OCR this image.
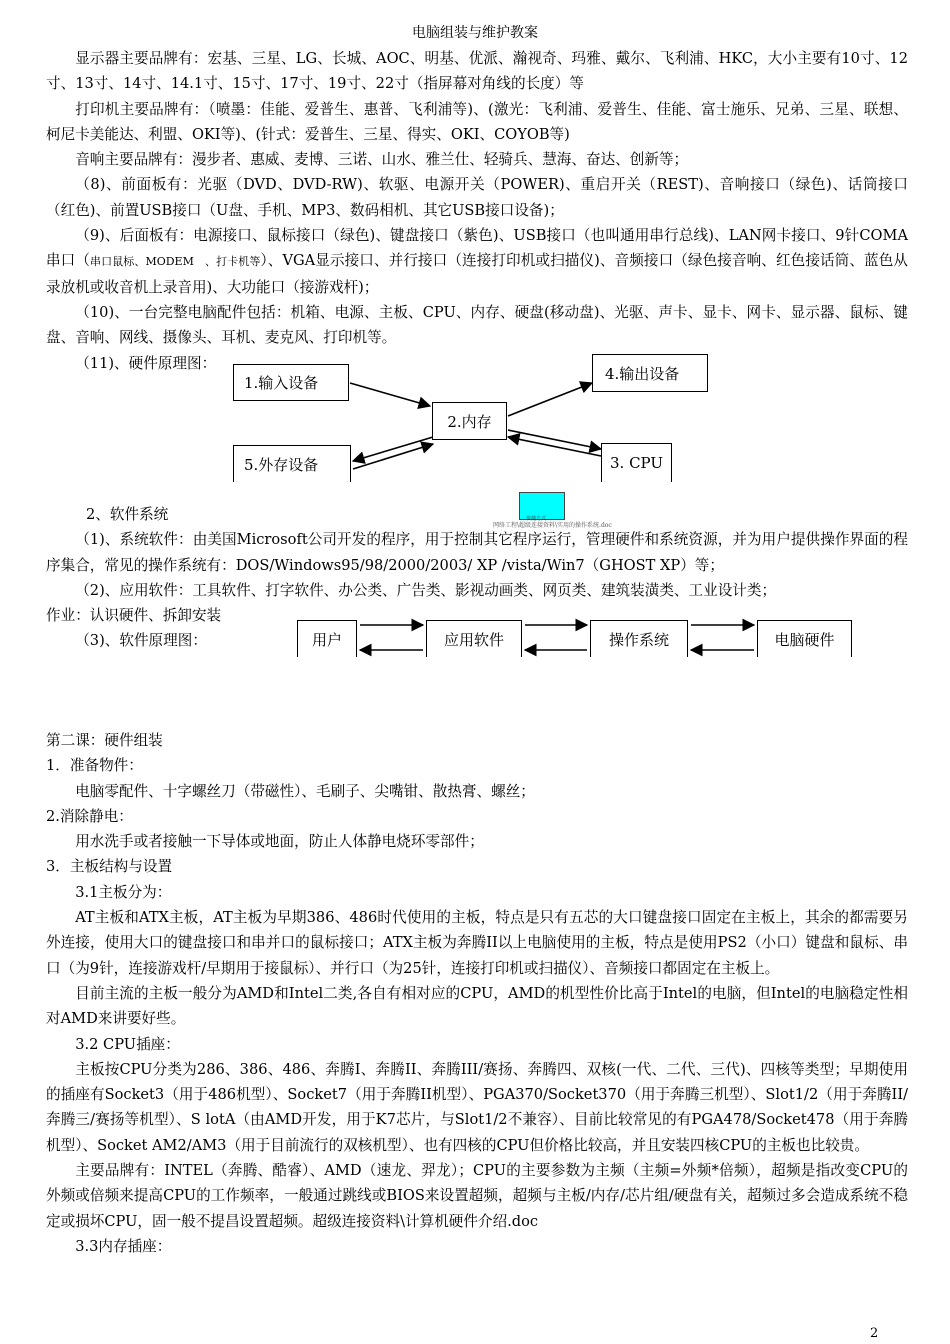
电脑组装与维护教案

显示器主要品牌有：宏基、三星、LG、长城、AOC、明基、优派、瀚视奇、玛雅、戴尔、飞利浦、HKC，大小主要有10寸、12寸、13寸、14寸、14.1寸、15寸、17寸、19寸、22寸（指屏幕对角线的长度）等

打印机主要品牌有：（喷墨：佳能、爱普生、惠普、飞利浦等)、(激光：飞利浦、爱普生、佳能、富士施乐、兄弟、三星、联想、柯尼卡美能达、利盟、OKI等)、(针式：爱普生、三星、得实、OKI、COYOB等)

音响主要品牌有：漫步者、惠威、麦博、三诺、山水、雅兰仕、轻骑兵、慧海、奋达、创新等；

（8)、前面板有：光驱（DVD、DVD-RW)、软驱、电源开关（POWER)、重启开关（REST)、音响接口（绿色)、话筒接口（红色)、前置USB接口（U盘、手机、MP3、数码相机、其它USB接口设备)；

（9)、后面板有：电源接口、鼠标接口（绿色)、键盘接口（紫色)、USB接口（也叫通用串行总线)、LAN网卡接口、9针COMA串口（串口鼠标、MODEM　、打卡机等）、VGA显示接口、并行接口（连接打印机或扫描仪)、音频接口（绿色接音响、红色接话筒、蓝色从录放机或收音机上录音用)、大功能口（接游戏杆)；

（10)、一台完整电脑配件包括：机箱、电源、主板、CPU、内存、硬盘(移动盘)、光驱、声卡、显卡、网卡、显示器、鼠标、键盘、音响、网线、摄像头、耳机、麦克风、打印机等。

（11)、硬件原理图：

1.输入设备
2.内存
4.输出设备
5.外存设备	3. CPU
快捷方式
网络工程\超级连接资料\实用的操作系统.doc

2、软件系统

（1)、系统软件：由美国Microsoft公司开发的程序，用于控制其它程序运行，管理硬件和系统资源，并为用户提供操作界面的程序集合，常见的操作系统有：DOS/Windows95/98/2000/2003/ XP /vista/Win7（GHOST XP）等；

（2)、应用软件：工具软件、打字软件、办公类、广告类、影视动画类、网页类、建筑装潢类、工业设计类；

作业：认识硬件、拆卸安装

（3)、软件原理图：	用户	应用软件	操作系统	电脑硬件

第二课：硬件组装

1．准备物件：

电脑零配件、十字螺丝刀（带磁性）、毛刷子、尖嘴钳、散热膏、螺丝；

2.消除静电：

用水洗手或者接触一下导体或地面，防止人体静电烧环零部件；

3．主板结构与设置

3.1主板分为：

AT主板和ATX主板，AT主板为早期386、486时代使用的主板，特点是只有五芯的大口键盘接口固定在主板上，其余的都需要另外连接，使用大口的键盘接口和串并口的鼠标接口；ATX主板为奔腾II以上电脑使用的主板，特点是使用PS2（小口）键盘和鼠标、串口（为9针，连接游戏杆/早期用于接鼠标）、并行口（为25针，连接打印机或扫描仪）、音频接口都固定在主板上。

目前主流的主板一般分为AMD和Intel二类,各自有相对应的CPU，AMD的机型性价比高于Intel的电脑，但Intel的电脑稳定性相对AMD来讲要好些。

3.2 CPU插座：

主板按CPU分类为286、386、486、奔腾I、奔腾II、奔腾III/赛扬、奔腾四、双核(一代、二代、三代)、四核等类型；早期使用的插座有Socket3（用于486机型）、Socket7（用于奔腾II机型）、PGA370/Socket370（用于奔腾三机型）、Slot1/2（用于奔腾II/奔腾三/赛扬等机型）、S lotA（由AMD开发，用于K7芯片，与Slot1/2不兼容）、目前比较常见的有PGA478/Socket478（用于奔腾机型）、Socket AM2/AM3（用于目前流行的双核机型）、也有四核的CPU但价格比较高，并且安装四核CPU的主板也比较贵。

主要品牌有：INTEL（奔腾、酷睿）、AMD（速龙、羿龙）；CPU的主要参数为主频（主频=外频*倍频），超频是指改变CPU的外频或倍频来提高CPU的工作频率，一般通过跳线或BIOS来设置超频，超频与主板/内存/芯片组/硬盘有关，超频过多会造成系统不稳定或损坏CPU，固一般不提昌设置超频。超级连接资料\计算机硬件介绍.doc

3.3内存插座：

2
